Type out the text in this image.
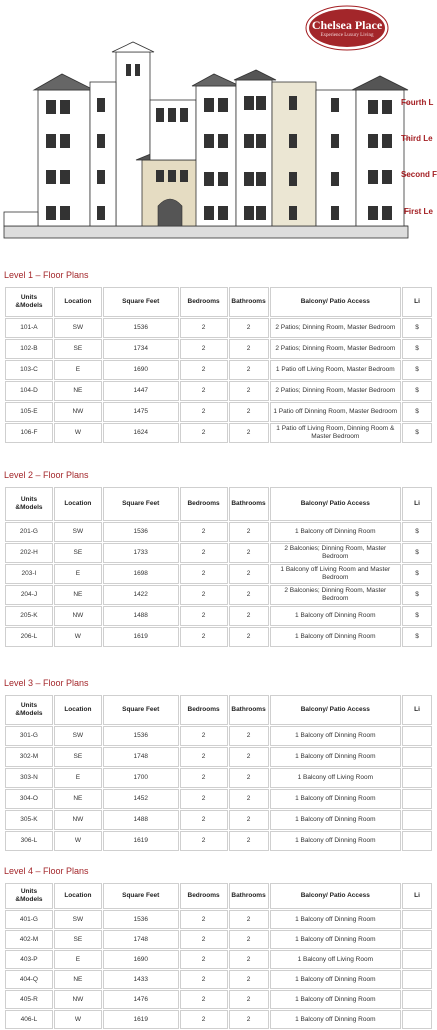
Chelsea Place
Experience Luxury Living
Fourth L
Third Le
Second F
First Le
Level 1 – Floor Plans
Units &Models	Location	Square Feet	Bedrooms	Bathrooms	Balcony/ Patio Access	Li
101-A	SW	1536	2	2	2 Patios; Dinning Room, Master Bedroom	$
102-B	SE	1734	2	2	2 Patios; Dinning Room, Master Bedroom	$
103-C	E	1690	2	2	1 Patio off Living Room, Master Bedroom	$
104-D	NE	1447	2	2	2 Patios; Dinning Room, Master Bedroom	$
105-E	NW	1475	2	2	1 Patio off Dinning Room, Master Bedroom	$
106-F	W	1624	2	2	1 Patio off Living Room, Dinning Room & Master Bedroom	$
Level 2 – Floor Plans
Units &Models	Location	Square Feet	Bedrooms	Bathrooms	Balcony/ Patio Access	Li
201-G	SW	1536	2	2	1 Balcony off Dinning Room	$
202-H	SE	1733	2	2	2 Balconies; Dinning Room, Master Bedroom	$
203-I	E	1698	2	2	1 Balcony off Living Room and Master Bedroom	$
204-J	NE	1422	2	2	2 Balconies; Dinning Room, Master Bedroom	$
205-K	NW	1488	2	2	1 Balcony off Dinning Room	$
206-L	W	1619	2	2	1 Balcony off Dinning Room	$
Level 3 – Floor Plans
Units &Models	Location	Square Feet	Bedrooms	Bathrooms	Balcony/ Patio Access	Li
301-G	SW	1536	2	2	1 Balcony off Dinning Room	
302-M	SE	1748	2	2	1 Balcony off Dinning Room	
303-N	E	1700	2	2	1 Balcony off Living Room	
304-O	NE	1452	2	2	1 Balcony off Dinning Room	
305-K	NW	1488	2	2	1 Balcony off Dinning Room	
306-L	W	1619	2	2	1 Balcony off Dinning Room	
Level 4 – Floor Plans
Units &Models	Location	Square Feet	Bedrooms	Bathrooms	Balcony/ Patio Access	Li
401-G	SW	1536	2	2	1 Balcony off Dinning Room	
402-M	SE	1748	2	2	1 Balcony off Dinning Room	
403-P	E	1690	2	2	1 Balcony off Living Room	
404-Q	NE	1433	2	2	1 Balcony off Dinning Room	
405-R	NW	1476	2	2	1 Balcony off Dinning Room	
406-L	W	1619	2	2	1 Balcony off Dinning Room	
